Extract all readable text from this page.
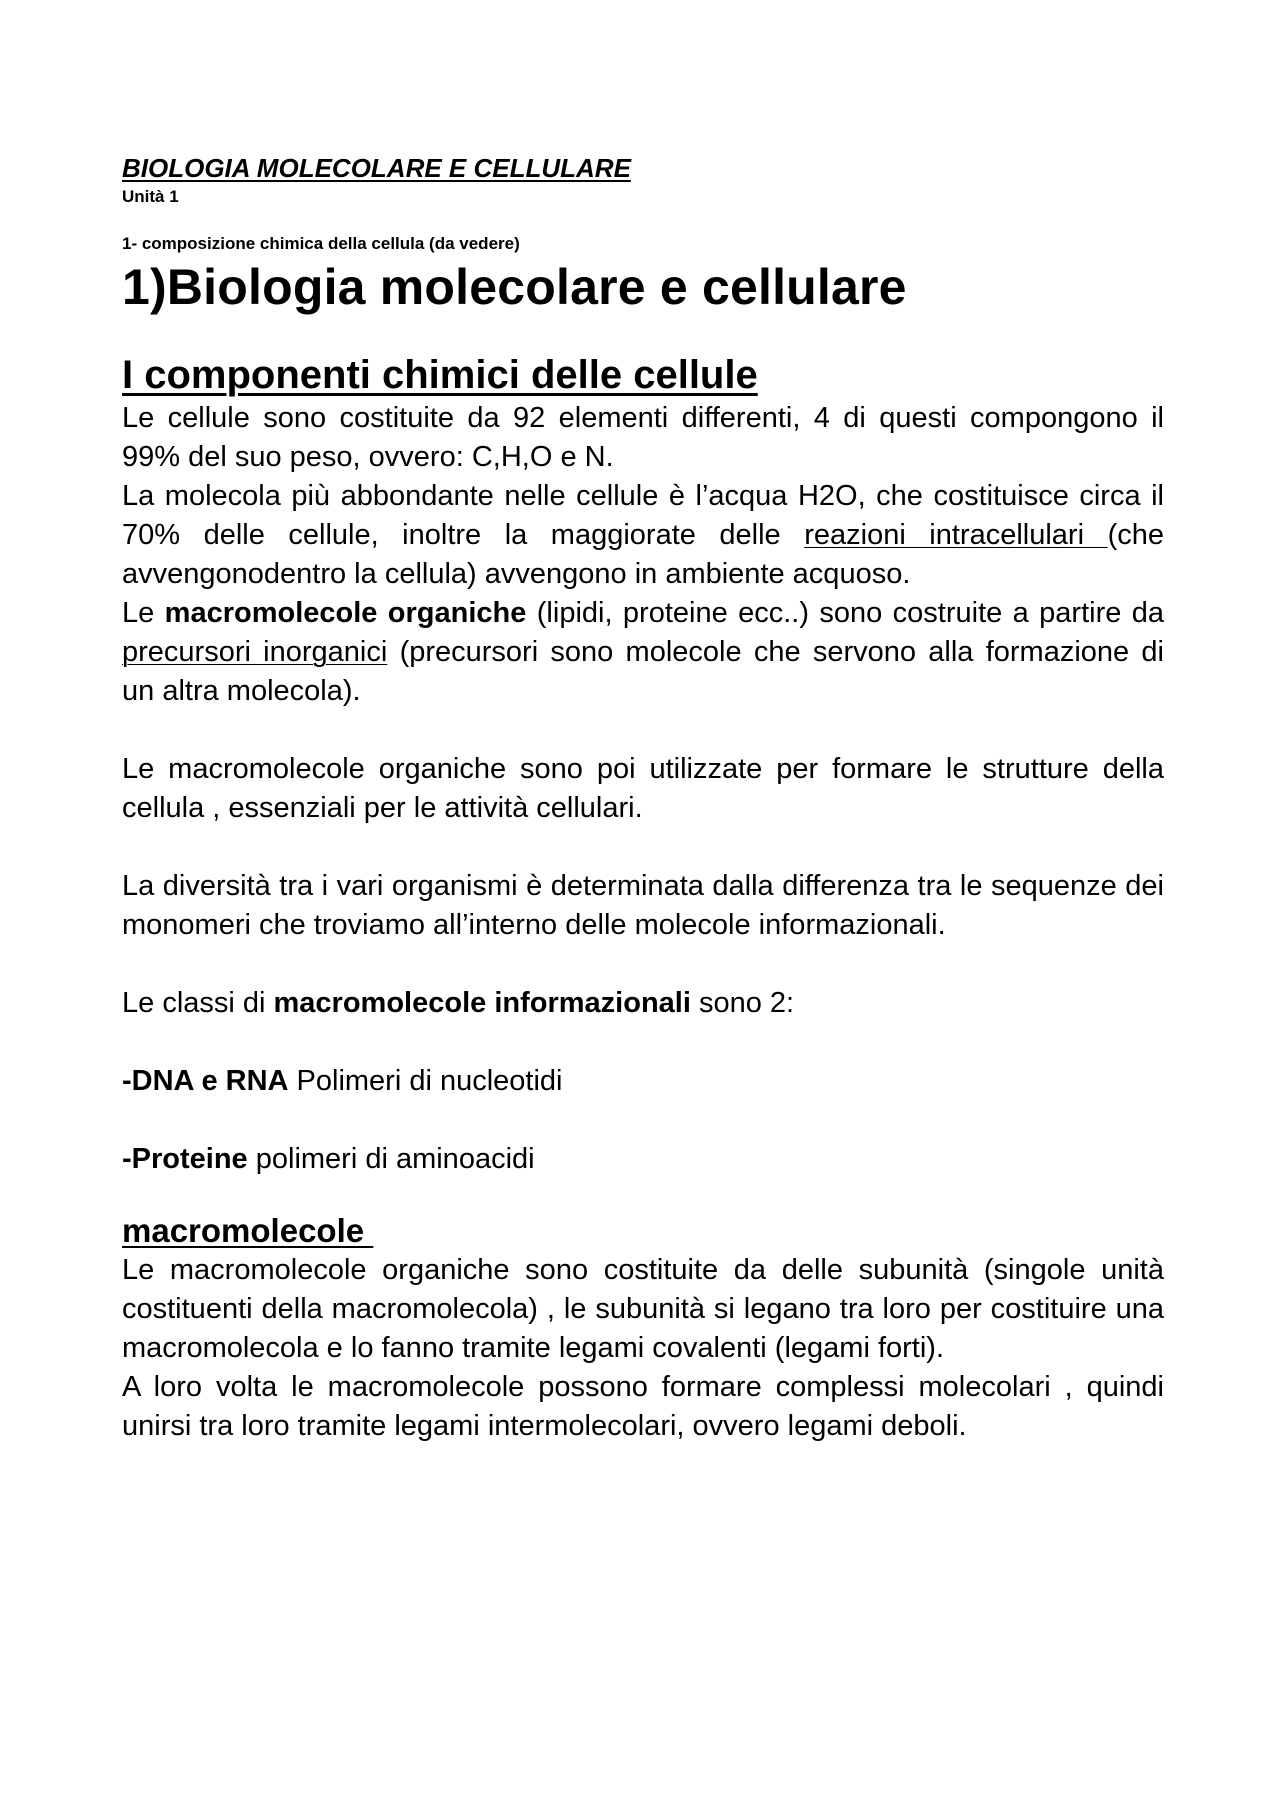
BIOLOGIA MOLECOLARE E CELLULARE

Unità 1

1- composizione chimica della cellula (da vedere)

1)Biologia molecolare e cellulare
I componenti chimici delle cellule

Le cellule sono costituite da 92 elementi differenti, 4 di questi compongono il 99% del suo peso, ovvero: C,H,O e N.

La molecola più abbondante nelle cellule è l’acqua H2O, che costituisce circa il 70% delle cellule, inoltre la maggiorate delle reazioni intracellulari (che avvengonodentro la cellula) avvengono in ambiente acquoso.

Le macromolecole organiche (lipidi, proteine ecc..) sono costruite a partire da precursori inorganici (precursori sono molecole che servono alla formazione di un altra molecola).

Le macromolecole organiche sono poi utilizzate per formare le strutture della cellula , essenziali per le attività cellulari.

La diversità tra i vari organismi è determinata dalla differenza tra le sequenze dei monomeri che troviamo all’interno delle molecole informazionali.

Le classi di macromolecole informazionali sono 2:

-DNA e RNA Polimeri di nucleotidi

-Proteine polimeri di aminoacidi

macromolecole

Le macromolecole organiche sono costituite da delle subunità (singole unità costituenti della macromolecola) , le subunità si legano tra loro per costituire una macromolecola e lo fanno tramite legami covalenti (legami forti).

A loro volta le macromolecole possono formare complessi molecolari , quindi unirsi tra loro tramite legami intermolecolari, ovvero legami deboli.
